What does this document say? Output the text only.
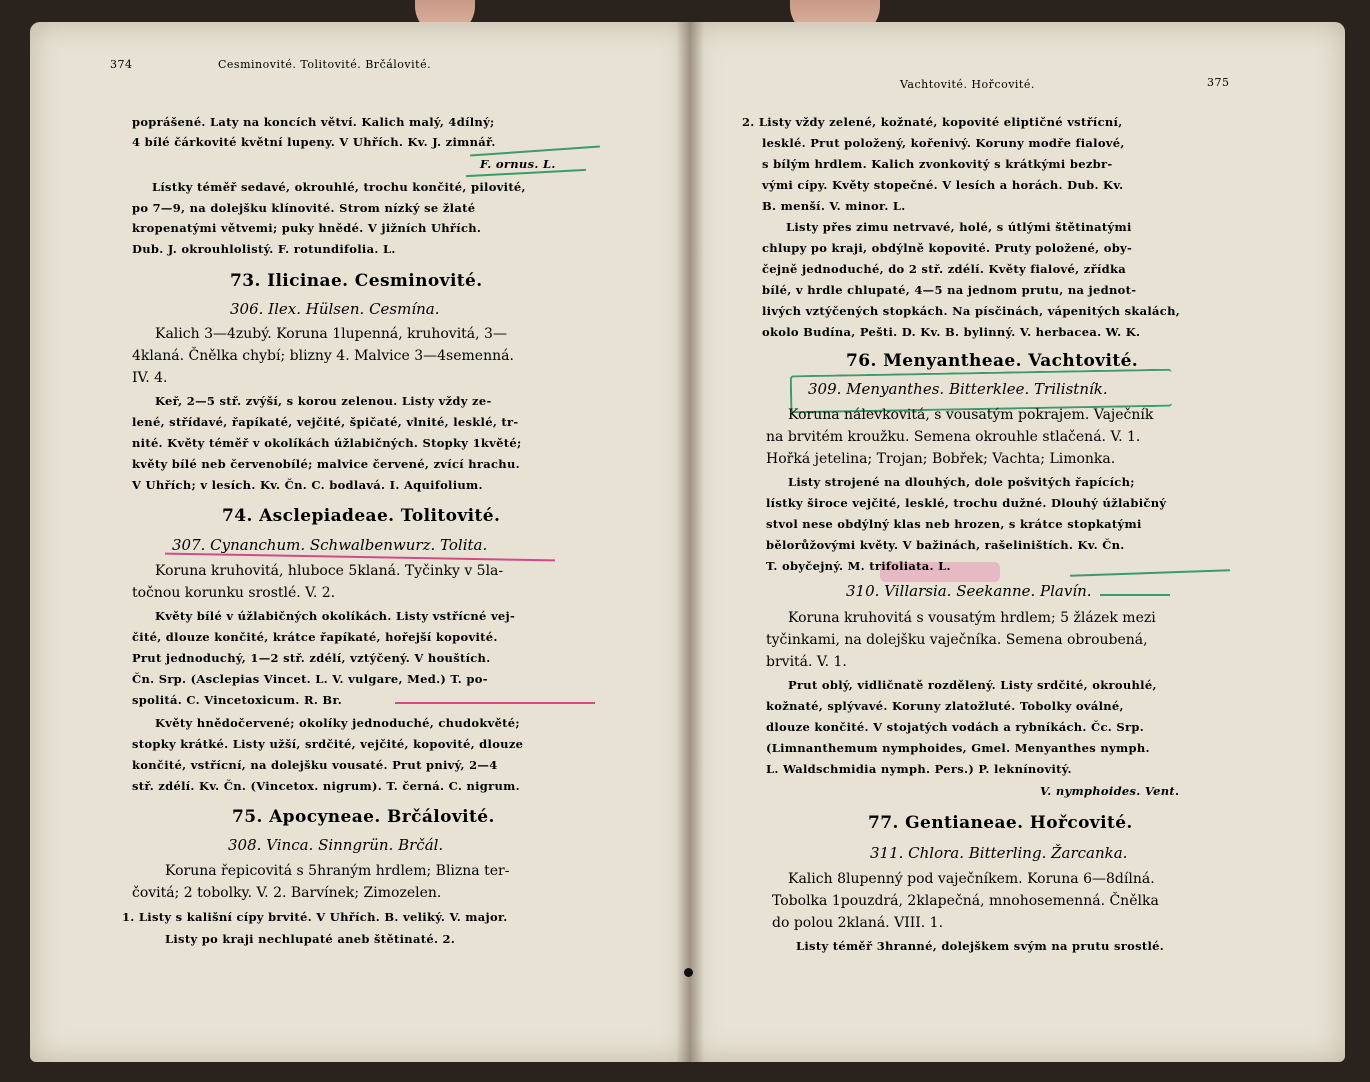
374	Cesminovité. Tolitovité. Brčálovité.
poprášené. Laty na koncích větví. Kalich malý, 4dílný;
4 bílé čárkovité květní lupeny. V Uhřích. Kv. J. zimnář.
F. ornus. L.
Lístky téměř sedavé, okrouhlé, trochu končité, pilovité,
po 7—9, na dolejšku klínovité. Strom nízký se žlaté
kropenatými větvemi; puky hnědé. V jižních Uhřích.
Dub. J. okrouhlolistý. F. rotundifolia. L.
73. Ilicinae. Cesminovité.
306. Ilex. Hülsen. Cesmína.
Kalich 3—4zubý. Koruna 1lupenná, kruhovitá, 3—
4klaná. Čnělka chybí; blizny 4. Malvice 3—4semenná.
IV. 4.
Keř, 2—5 stř. zvýší, s korou zelenou. Listy vždy ze-
lené, střídavé, řapíkaté, vejčité, špičaté, vlnité, lesklé, tr-
nité. Květy téměř v okolíkách úžlabičných. Stopky 1květé;
květy bílé neb červenobílé; malvice červené, zvící hrachu.
V Uhřích; v lesích. Kv. Čn. C. bodlavá. I. Aquifolium.
74. Asclepiadeae. Tolitovité.
307. Cynanchum. Schwalbenwurz. Tolita.
Koruna kruhovitá, hluboce 5klaná. Tyčinky v 5la-
točnou korunku srostlé. V. 2.
Květy bílé v úžlabičných okolíkách. Listy vstřícné vej-
čité, dlouze končité, krátce řapíkaté, hořejší kopovité.
Prut jednoduchý, 1—2 stř. zdélí, vztýčený. V houštích.
Čn. Srp. (Asclepias Vincet. L. V. vulgare, Med.) T. po-
spolitá. C. Vincetoxicum. R. Br.
Květy hnědočervené; okolíky jednoduché, chudokvěté;
stopky krátké. Listy užší, srdčité, vejčité, kopovité, dlouze
končité, vstřícní, na dolejšku vousaté. Prut pnivý, 2—4
stř. zdélí. Kv. Čn. (Vincetox. nigrum). T. černá. C. nigrum.
75. Apocyneae. Brčálovité.
308. Vinca. Sinngrün. Brčál.
Koruna řepicovitá s 5hraným hrdlem; Blizna ter-
čovitá; 2 tobolky. V. 2. Barvínek; Zimozelen.
1. Listy s kališní cípy brvité. V Uhřích. B. veliký. V. major.
Listy po kraji nechlupaté aneb štětinaté. 2.
Vachtovité. Hořcovité.	375
2. Listy vždy zelené, kožnaté, kopovité eliptičné vstřícní,
lesklé. Prut položený, kořenivý. Koruny modře fialové,
s bílým hrdlem. Kalich zvonkovitý s krátkými bezbr-
vými cípy. Květy stopečné. V lesích a horách. Dub. Kv.
B. menší. V. minor. L.
Listy přes zimu netrvavé, holé, s útlými štětinatými
chlupy po kraji, obdýlně kopovité. Pruty položené, oby-
čejně jednoduché, do 2 stř. zdélí. Květy fialové, zřídka
bílé, v hrdle chlupaté, 4—5 na jednom prutu, na jednot-
livých vztýčených stopkách. Na písčinách, vápenitých skalách,
okolo Budína, Pešti. D. Kv. B. bylinný. V. herbacea. W. K.
76. Menyantheae. Vachtovité.
309. Menyanthes. Bitterklee. Trilistník.
Koruna nálevkovitá, s vousatým pokrajem. Vaječník
na brvitém kroužku. Semena okrouhle stlačená. V. 1.
Hořká jetelina; Trojan; Bobřek; Vachta; Limonka.
Listy strojené na dlouhých, dole pošvitých řapících;
lístky široce vejčité, lesklé, trochu dužné. Dlouhý úžlabičný
stvol nese obdýlný klas neb hrozen, s krátce stopkatými
bělorůžovými květy. V bažinách, rašeliništích. Kv. Čn.
T. obyčejný. M. trifoliata. L.
310. Villarsia. Seekanne. Plavín.
Koruna kruhovitá s vousatým hrdlem; 5 žlázek mezi
tyčinkami, na dolejšku vaječníka. Semena obroubená,
brvitá. V. 1.
Prut oblý, vidličnatě rozdělený. Listy srdčité, okrouhlé,
kožnaté, splývavé. Koruny zlatožluté. Tobolky oválné,
dlouze končité. V stojatých vodách a rybníkách. Čc. Srp.
(Limnanthemum nymphoides, Gmel. Menyanthes nymph.
L. Waldschmidia nymph. Pers.) P. leknínovitý.
V. nymphoides. Vent.
77. Gentianeae. Hořcovité.
311. Chlora. Bitterling. Žarcanka.
Kalich 8lupenný pod vaječníkem. Koruna 6—8dílná.
Tobolka 1pouzdrá, 2klapečná, mnohosemenná. Čnělka
do polou 2klaná. VIII. 1.
Listy téměř 3hranné, dolejškem svým na prutu srostlé.
